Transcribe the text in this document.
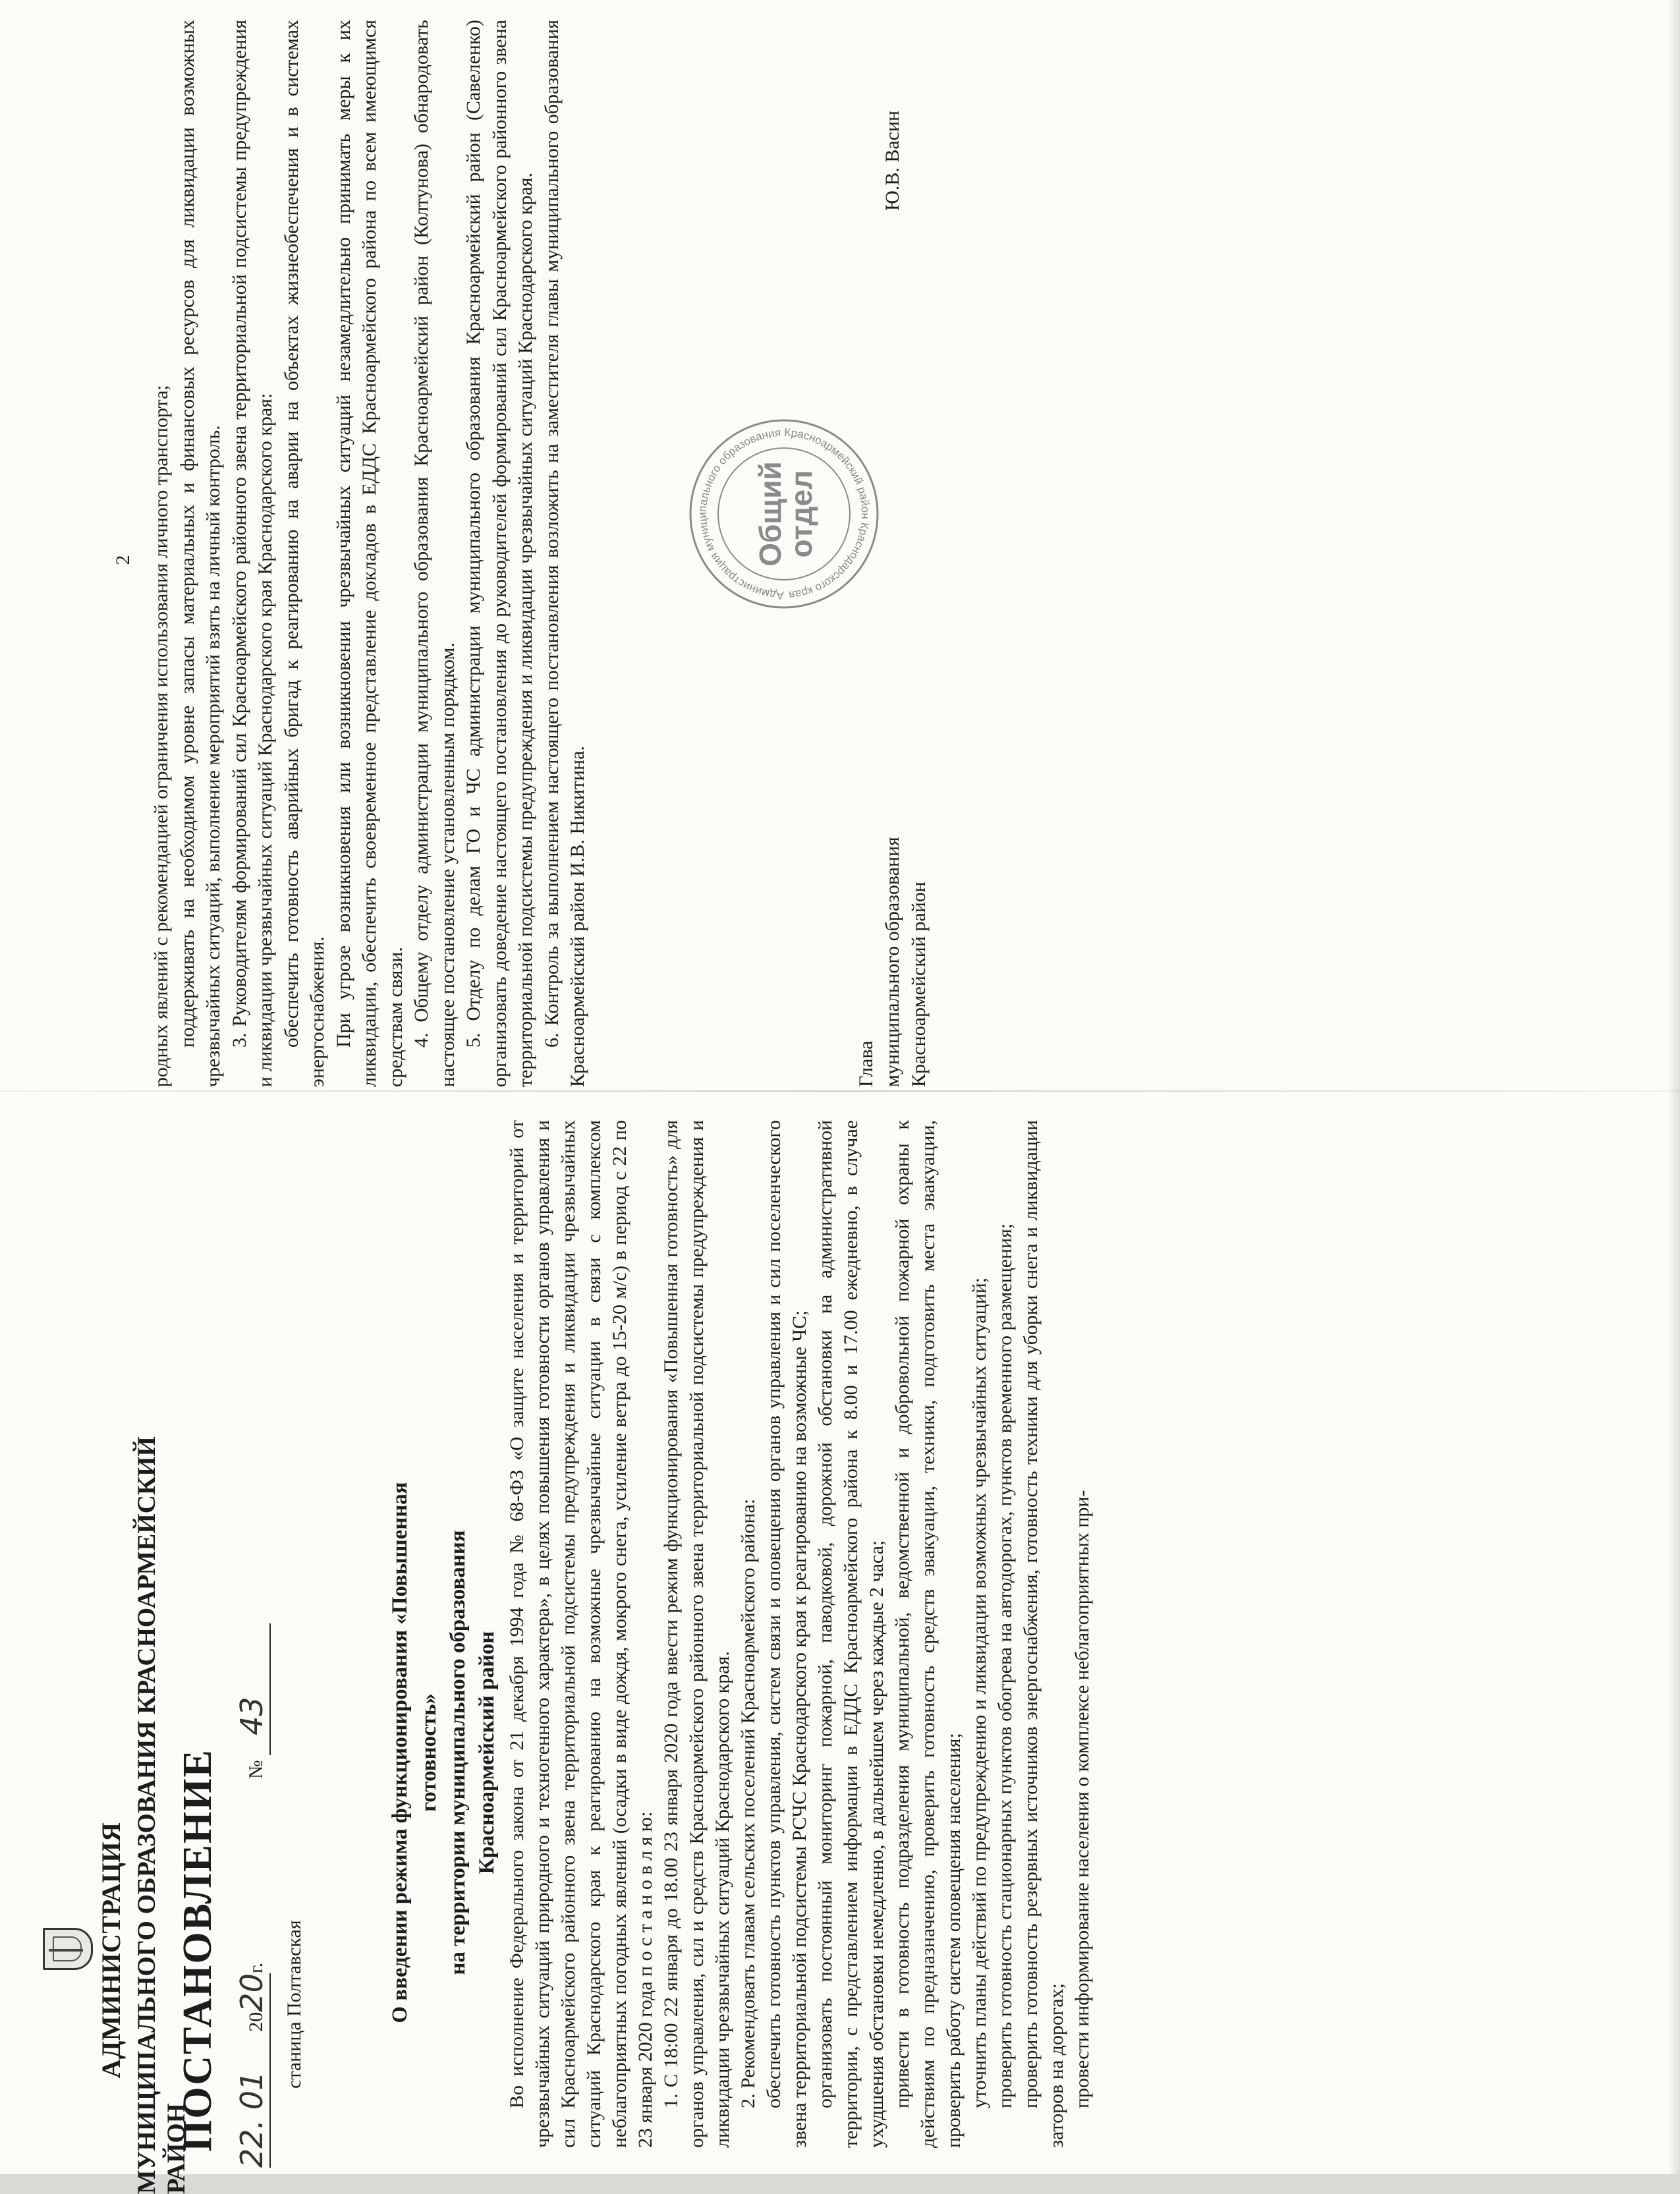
АДМИНИСТРАЦИЯ МУНИЦИПАЛЬНОГО ОБРАЗОВАНИЯ КРАСНОАРМЕЙСКИЙ РАЙОН
ПОСТАНОВЛЕНИЕ 22. 01        2020г.
№ 43
станица Полтавская	О введении режима функционирования «Повышенная готовность» на территории муниципального образования Красноармейский район Во исполнение Федерального закона от 21 декабря 1994 года № 68-ФЗ «О защите населения и территорий от чрезвычайных ситуаций природного и техногенного характера», в целях повышения готовности органов управления и сил Красноармейского районного звена территориальной подсистемы предупреждения и ликвидации чрезвычайных ситуаций Краснодарского края к реагированию на возможные чрезвычайные ситуации в связи с комплексом неблагоприятных погодных явлений (осадки в виде дождя, мокрого снега, усиление ветра до 15-20 м/с) в период с 22 по 23 января 2020 года п о с т а н о в л я ю: 1. С 18:00 22 января до 18.00 23 января 2020 года ввести режим функционирования «Повышенная готовность» для органов управления, сил и средств Красноармейского районного звена территориальной подсистемы предупреждения и ликвидации чрезвычайных ситуаций Краснодарского края. 2. Рекомендовать главам сельских поселений Красноармейского района: обеспечить готовность пунктов управления, систем связи и оповещения органов управления и сил поселенческого звена территориальной подсистемы РСЧС Краснодарского края к реагированию на возможные ЧС; организовать постоянный мониторинг пожарной, паводковой, дорожной обстановки на административной территории, с представлением информации в ЕДДС Красноармейского района к 8.00 и 17.00 ежедневно, в случае ухудшения обстановки немедленно, в дальнейшем через каждые 2 часа; привести в готовность подразделения муниципальной, ведомственной и добровольной пожарной охраны к действиям по предназначению, проверить готовность средств эвакуации, техники, подготовить места эвакуации, проверить работу систем оповещения населения; уточнить планы действий по предупреждению и ликвидации возможных чрезвычайных ситуаций; проверить готовность стационарных пунктов обогрева на автодорогах, пунктов временного размещения; проверить готовность резервных источников энергоснабжения, готовность техники для уборки снега и ликвидации заторов на дорогах; провести информирование населения о комплексе неблагоприятных при-

2 родных явлений с рекомендацией ограничения использования личного транспорта; поддерживать на необходимом уровне запасы материальных и финансовых ресурсов для ликвидации возможных чрезвычайных ситуаций, выполнение мероприятий взять на личный контроль. 3. Руководителям формирований сил Красноармейского районного звена территориальной подсистемы предупреждения и ликвидации чрезвычайных ситуаций Краснодарского края Краснодарского края: обеспечить готовность аварийных бригад к реагированию на аварии на объектах жизнеобеспечения и в системах энергоснабжения. При угрозе возникновения или возникновении чрезвычайных ситуаций незамедлительно принимать меры к их ликвидации, обеспечить своевременное представление докладов в ЕДДС Красноармейского района по всем имеющимся средствам связи. 4. Общему отделу администрации муниципального образования Красноармейский район (Колтунова) обнародовать настоящее постановление установленным порядком. 5. Отделу по делам ГО и ЧС администрации муниципального образования Красноармейский район (Савеленко) организовать доведение настоящего постановления до руководителей формирований сил Красноармейского районного звена территориальной подсистемы предупреждения и ликвидации чрезвычайных ситуаций Краснодарского края. 6. Контроль за выполнением настоящего постановления возложить на заместителя главы муниципального образования Красноармейский район И.В. Никитина.

Администрация муниципального образования Красноармейский район Краснодарского края
Общий
отдел
Глава муниципального образования Красноармейский район
Ю.В. Васин
